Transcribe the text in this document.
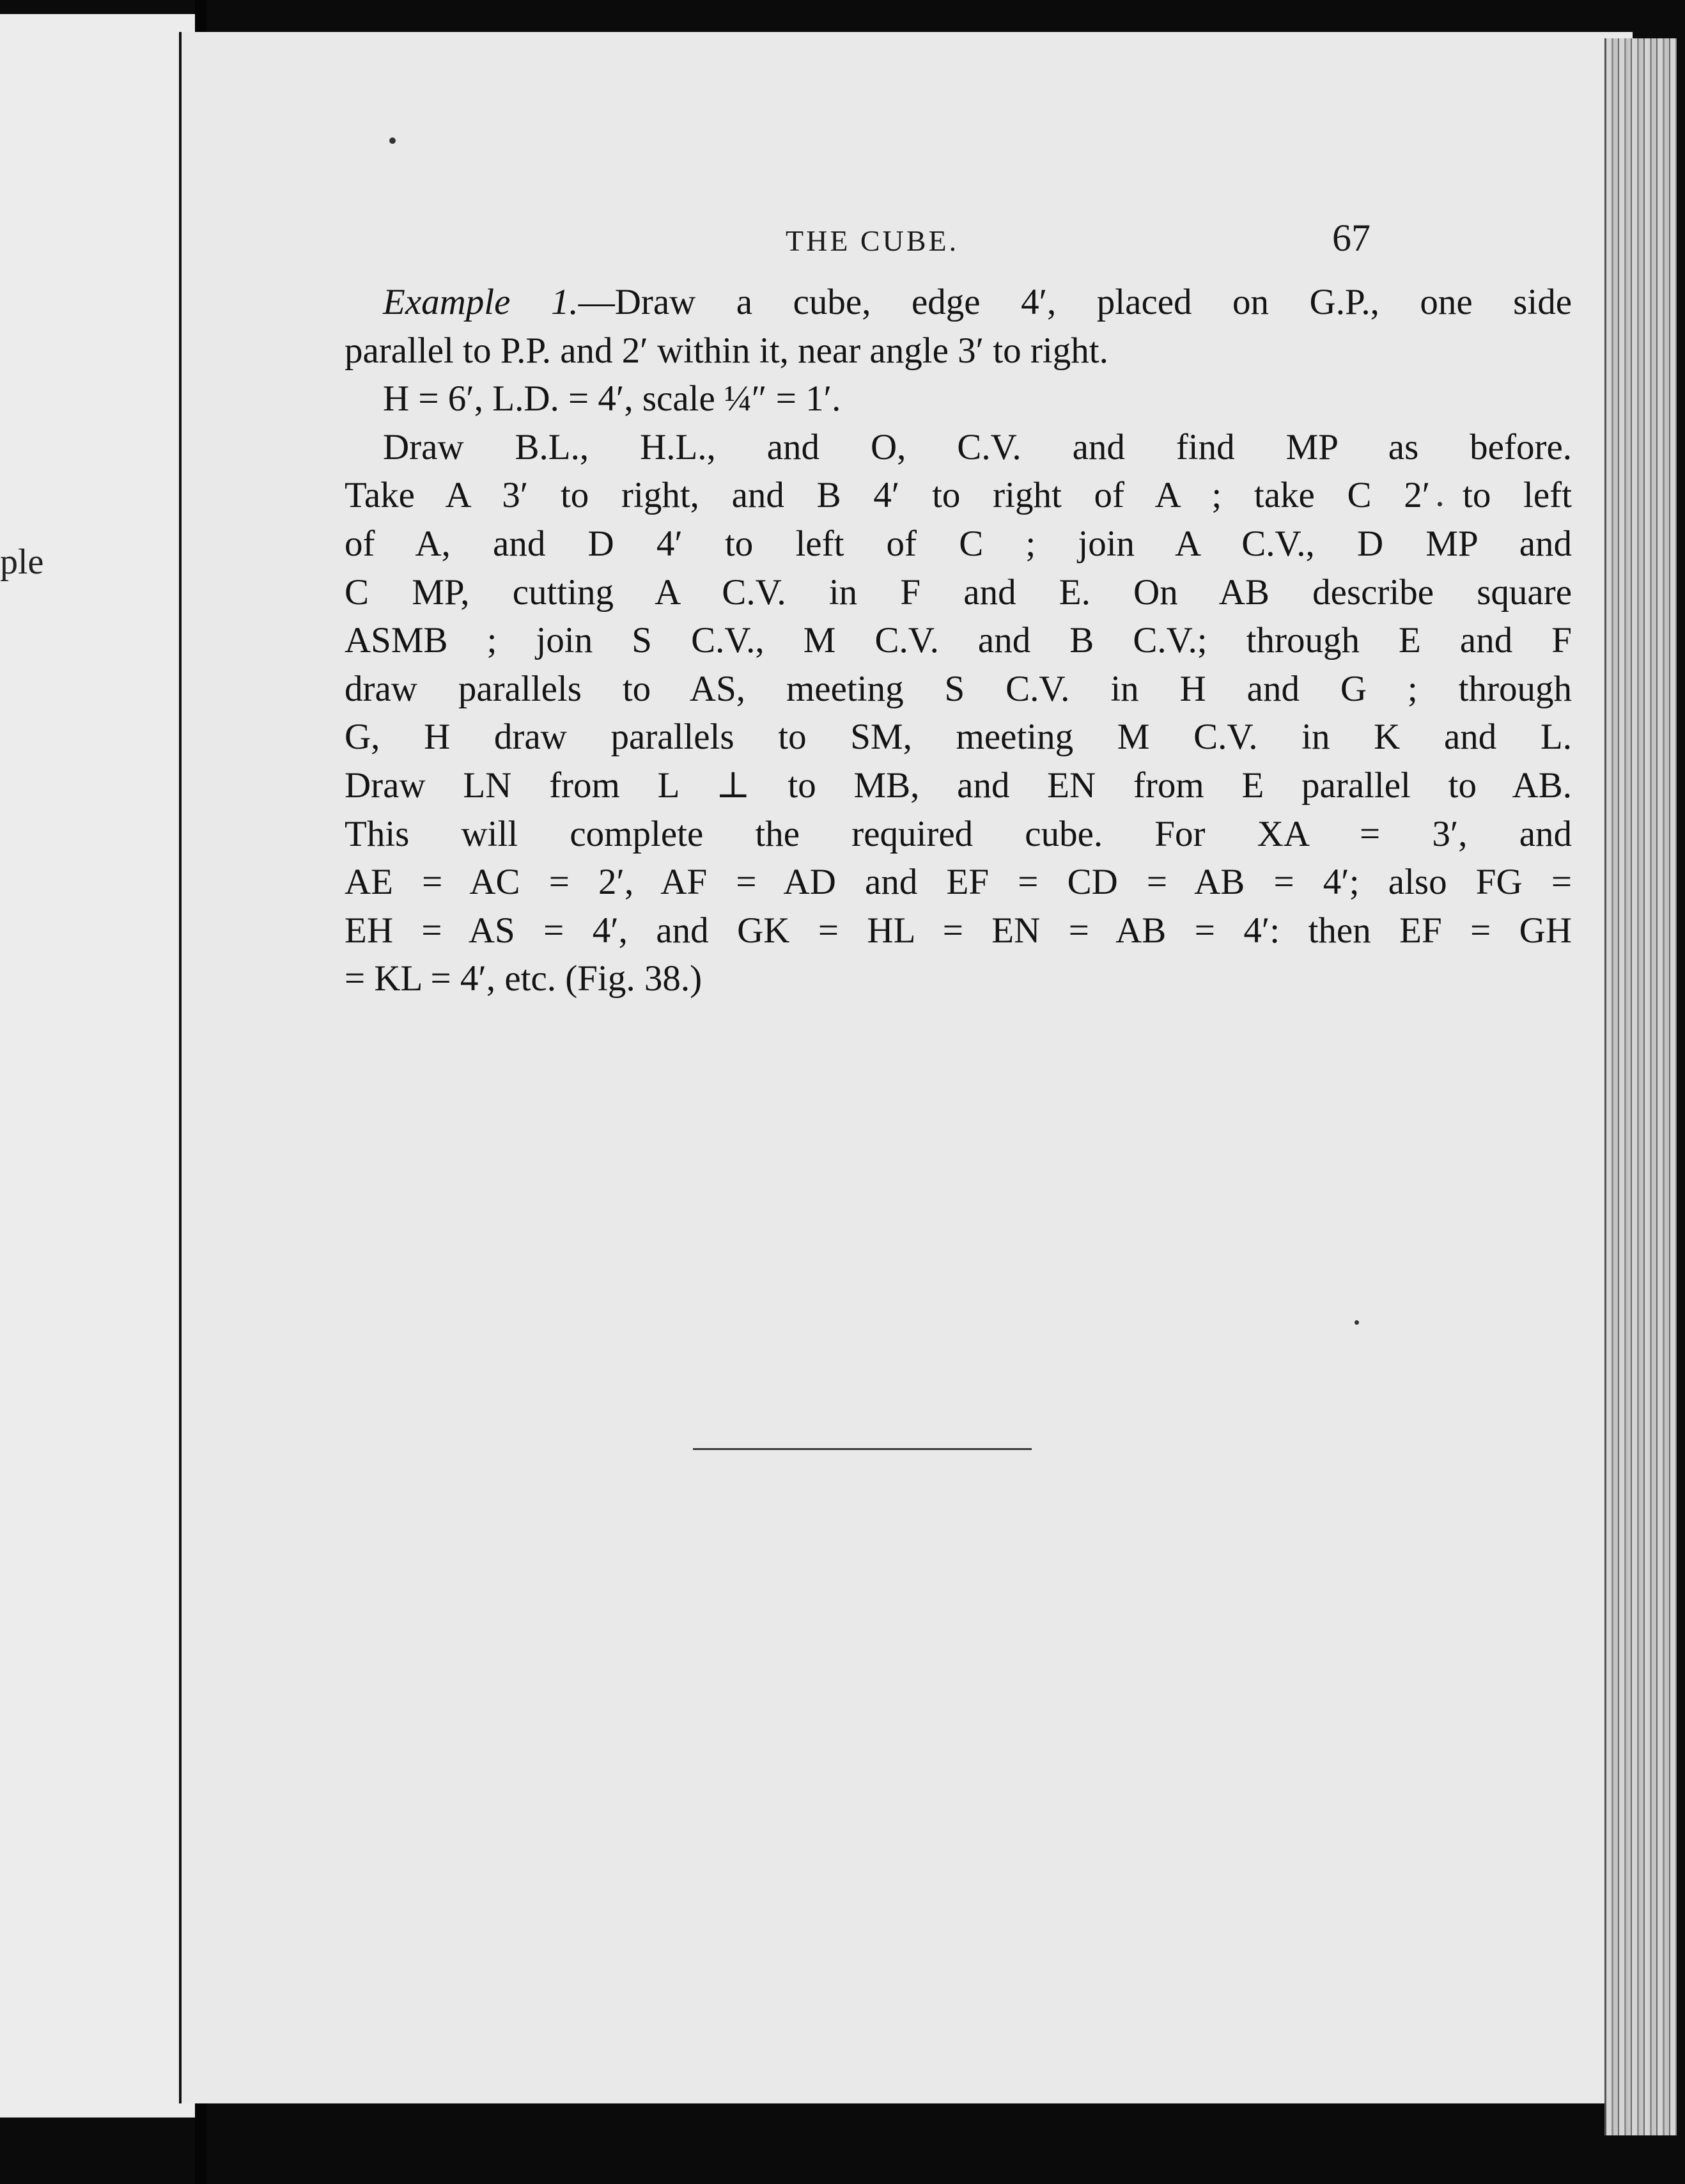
ple
THE CUBE.	67
Example 1.—Draw a cube, edge 4′, placed on G.P., one side
parallel to P.P. and 2′ within it, near angle 3′ to right.
H = 6′, L.D. = 4′, scale ¼″ = 1′.
Draw B.L., H.L., and O, C.V. and find MP as before.
Take A 3′ to right, and B 4′ to right of A ; take C 2′ to left
of A, and D 4′ to left of C ; join A C.V., D MP and
C MP, cutting A C.V. in F and E. On AB describe square
ASMB ; join S C.V., M C.V. and B C.V.; through E and F
draw parallels to AS, meeting S C.V. in H and G ; through
G, H draw parallels to SM, meeting M C.V. in K and L.
Draw LN from L ⊥ to MB, and EN from E parallel to AB.
This will complete the required cube. For XA = 3′, and
AE = AC = 2′, AF = AD and EF = CD = AB = 4′; also FG =
EH = AS = 4′, and GK = HL = EN = AB = 4′: then EF = GH
= KL = 4′, etc. (Fig. 38.)
